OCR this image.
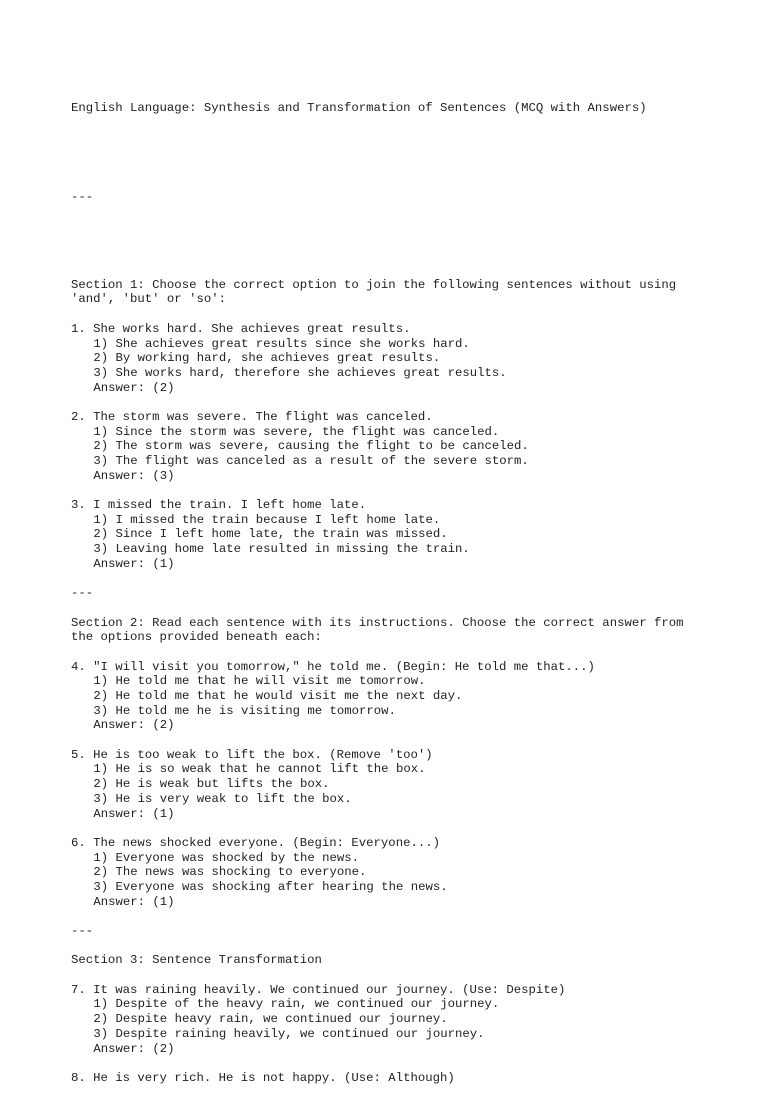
English Language: Synthesis and Transformation of Sentences (MCQ with Answers)

---

Section 1: Choose the correct option to join the following sentences without using
'and', 'but' or 'so':
1. She works hard. She achieves great results.
1) She achieves great results since she works hard.
2) By working hard, she achieves great results.
3) She works hard, therefore she achieves great results.
Answer: (2)
2. The storm was severe. The flight was canceled.
1) Since the storm was severe, the flight was canceled.
2) The storm was severe, causing the flight to be canceled.
3) The flight was canceled as a result of the severe storm.
Answer: (3)
3. I missed the train. I left home late.
1) I missed the train because I left home late.
2) Since I left home late, the train was missed.
3) Leaving home late resulted in missing the train.
Answer: (1)
---
Section 2: Read each sentence with its instructions. Choose the correct answer from
the options provided beneath each:
4. "I will visit you tomorrow," he told me. (Begin: He told me that...)
1) He told me that he will visit me tomorrow.
2) He told me that he would visit me the next day.
3) He told me he is visiting me tomorrow.
Answer: (2)
5. He is too weak to lift the box. (Remove 'too')
1) He is so weak that he cannot lift the box.
2) He is weak but lifts the box.
3) He is very weak to lift the box.
Answer: (1)
6. The news shocked everyone. (Begin: Everyone...)
1) Everyone was shocked by the news.
2) The news was shocking to everyone.
3) Everyone was shocking after hearing the news.
Answer: (1)
---
Section 3: Sentence Transformation
7. It was raining heavily. We continued our journey. (Use: Despite)
1) Despite of the heavy rain, we continued our journey.
2) Despite heavy rain, we continued our journey.
3) Despite raining heavily, we continued our journey.
Answer: (2)
8. He is very rich. He is not happy. (Use: Although)
